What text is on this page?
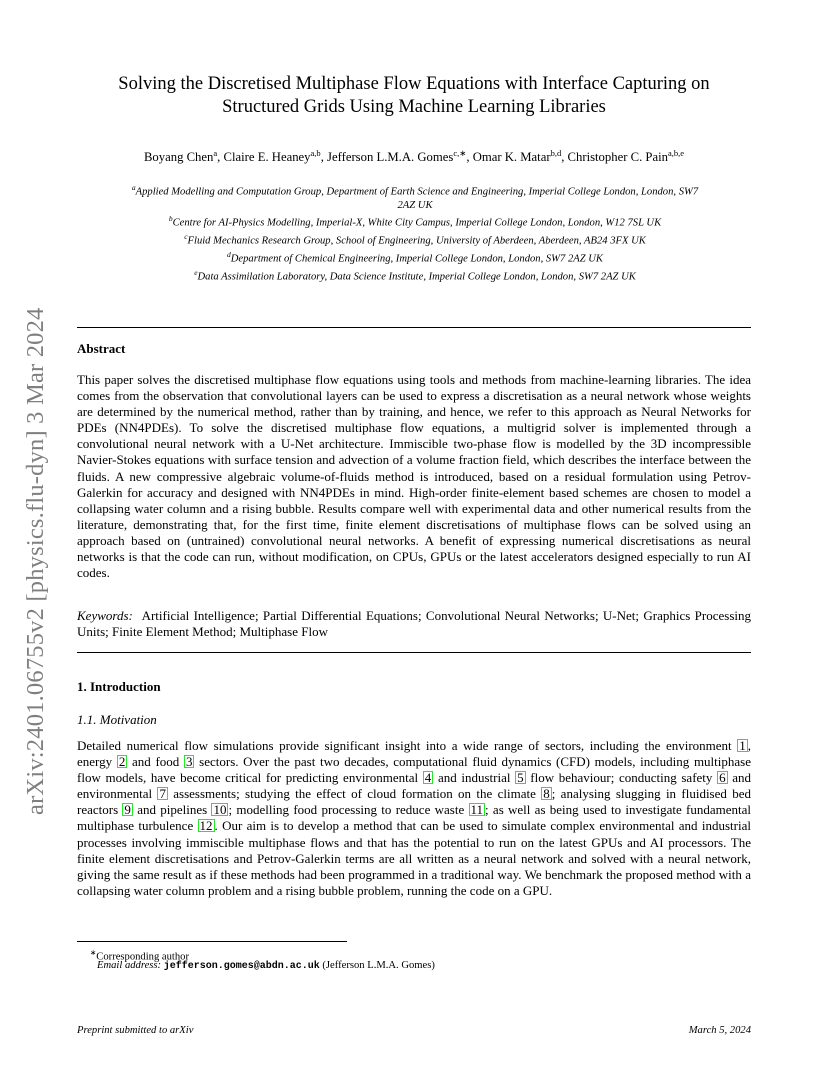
arXiv:2401.06755v2 [physics.flu-dyn] 3 Mar 2024
Solving the Discretised Multiphase Flow Equations with Interface Capturing on
Structured Grids Using Machine Learning Libraries
Boyang Chen$^a$, Claire E. Heaney$^{a,b}$, Jefferson L.M.A. Gomes$^{c,∗}$, Omar K. Matar$^{b,d}$, Christopher C. Pain$^{a,b,e}$
$^a$Applied Modelling and Computation Group, Department of Earth Science and Engineering, Imperial College London, London, SW7
2AZ UK
$^b$Centre for AI-Physics Modelling, Imperial-X, White City Campus, Imperial College London, London, W12 7SL UK
$^c$Fluid Mechanics Research Group, School of Engineering, University of Aberdeen, Aberdeen, AB24 3FX UK
$^d$Department of Chemical Engineering, Imperial College London, London, SW7 2AZ UK
$^e$Data Assimilation Laboratory, Data Science Institute, Imperial College London, London, SW7 2AZ UK
Abstract

This paper solves the discretised multiphase flow equations using tools and methods from machine-learning libraries. The idea comes from the observation that convolutional layers can be used to express a discretisation as a neural network whose weights are determined by the numerical method, rather than by training, and hence, we refer to this approach as Neural Networks for PDEs (NN4PDEs). To solve the discretised multiphase flow equations, a multigrid solver is implemented through a convolutional neural network with a U-Net architecture. Immiscible two-phase flow is modelled by the 3D incompressible Navier-Stokes equations with surface tension and advection of a volume fraction field, which describes the interface between the fluids. A new compressive algebraic volume-of-fluids method is introduced, based on a residual formulation using Petrov-Galerkin for accuracy and designed with NN4PDEs in mind. High-order finite-element based schemes are chosen to model a collapsing water column and a rising bubble. Results compare well with experimental data and other numerical results from the literature, demonstrating that, for the first time, finite element discretisations of multiphase flows can be solved using an approach based on (untrained) convolutional neural networks. A benefit of expressing numerical discretisations as neural networks is that the code can run, without modification, on CPUs, GPUs or the latest accelerators designed especially to run AI codes.

Keywords: Artificial Intelligence; Partial Differential Equations; Convolutional Neural Networks; U-Net; Graphics Processing Units; Finite Element Method; Multiphase Flow

1. Introduction
1.1. Motivation

Detailed numerical flow simulations provide significant insight into a wide range of sectors, including the environment 1 , energy 2 and food 3 sectors. Over the past two decades, computational fluid dynamics (CFD) models, including multiphase flow models, have become critical for predicting environmental 4 and industrial 5 flow behaviour; conducting safety 6 and environmental 7 assessments; studying the effect of cloud formation on the climate 8 ; analysing slugging in fluidised bed reactors 9 and pipelines 10 ; modelling food processing to reduce waste 11 ; as well as being used to investigate fundamental multiphase turbulence 12 . Our aim is to develop a method that can be used to simulate complex environmental and industrial processes involving immiscible multiphase flows and that has the potential to run on the latest GPUs and AI processors. The finite element discretisations and Petrov-Galerkin terms are all written as a neural network and solved with a neural network, giving the same result as if these methods had been programmed in a traditional way. We benchmark the proposed method with a collapsing water column problem and a rising bubble problem, running the code on a GPU.

∗Corresponding author
Email address: jefferson.gomes@abdn.ac.uk (Jefferson L.M.A. Gomes)
Preprint submitted to arXiv	March 5, 2024
